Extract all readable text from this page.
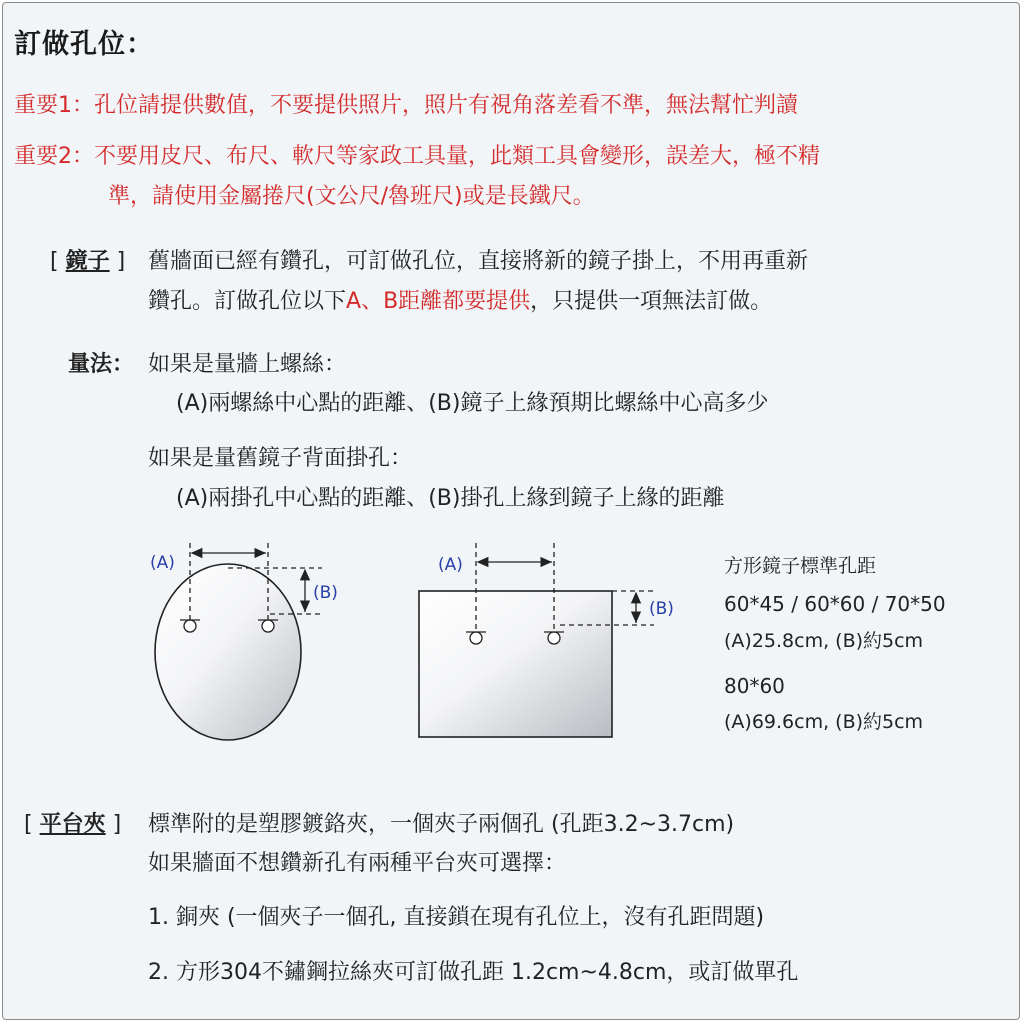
訂做孔位：
重要1：孔位請提供數值，不要提供照片，照片有視角落差看不準，無法幫忙判讀
重要2：不要用皮尺、布尺、軟尺等家政工具量，此類工具會變形，誤差大，極不精
準，請使用金屬捲尺(文公尺/魯班尺)或是長鐵尺。
[ 鏡子 ] 舊牆面已經有鑽孔，可訂做孔位，直接將新的鏡子掛上，不用再重新
鑽孔。訂做孔位以下A、B距離都要提供，只提供一項無法訂做。
量法： 如果是量牆上螺絲：
(A)兩螺絲中心點的距離、(B)鏡子上緣預期比螺絲中心高多少
如果是量舊鏡子背面掛孔：
(A)兩掛孔中心點的距離、(B)掛孔上緣到鏡子上緣的距離
(A)
(B)
(A)
(B)
方形鏡子標準孔距
60*45 / 60*60 / 70*50
(A)25.8cm, (B)約5cm
80*60
(A)69.6cm, (B)約5cm
[ 平台夾 ] 標準附的是塑膠鍍鉻夾，一個夾子兩個孔 (孔距3.2~3.7cm)
如果牆面不想鑽新孔有兩種平台夾可選擇：
1. 銅夾 (一個夾子一個孔, 直接鎖在現有孔位上，沒有孔距問題)
2. 方形304不鏽鋼拉絲夾可訂做孔距 1.2cm~4.8cm，或訂做單孔
